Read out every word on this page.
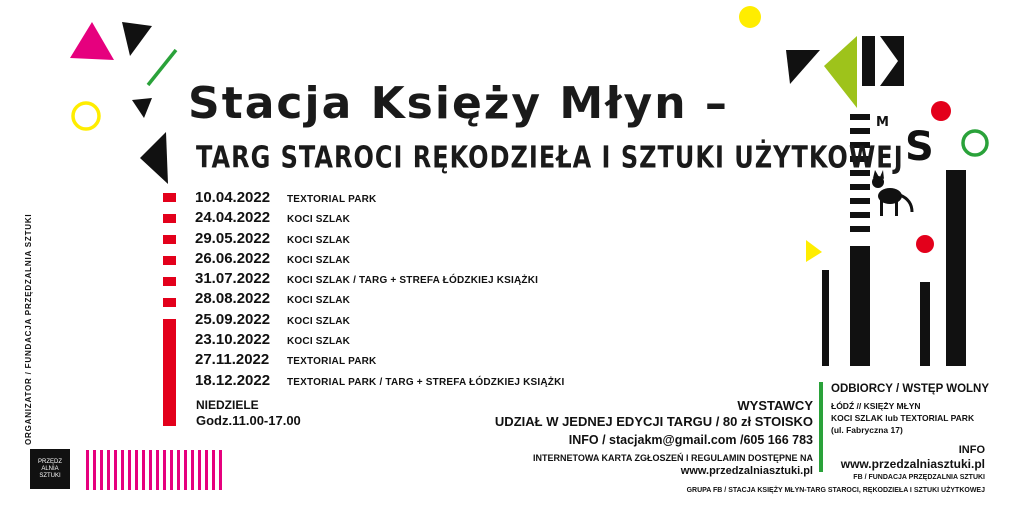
M
S
Stacja Księży Młyn –
TARG STAROCI RĘKODZIEŁA I SZTUKI UŻYTKOWEJ
10.04.2022	TEXTORIAL PARK
24.04.2022	KOCI SZLAK
29.05.2022	KOCI SZLAK
26.06.2022	KOCI SZLAK
31.07.2022	KOCI SZLAK / TARG + STREFA ŁÓDZKIEJ KSIĄŻKI
28.08.2022	KOCI SZLAK
25.09.2022	KOCI SZLAK
23.10.2022	KOCI SZLAK
27.11.2022	TEXTORIAL PARK
18.12.2022	TEXTORIAL PARK / TARG + STREFA ŁÓDZKIEJ KSIĄŻKI
NIEDZIELE
Godz.11.00-17.00
ORGANIZATOR / FUNDACJA PRZĘDZALNIA SZTUKI
PRZĘDZ
ALNIA
SZTUKI
WYSTAWCY
UDZIAŁ W JEDNEJ EDYCJI TARGU / 80 zł STOISKO
INFO / stacjakm@gmail.com /605 166 783
INTERNETOWA KARTA ZGŁOSZEŃ I REGULAMIN DOSTĘPNE NA
www.przedzalniasztuki.pl
ODBIORCY / WSTĘP WOLNY
ŁÓDŹ // KSIĘŻY MŁYN
KOCI SZLAK lub TEXTORIAL PARK
(ul. Fabryczna 17)
INFO
www.przedzalniasztuki.pl
FB / FUNDACJA PRZĘDZALNIA SZTUKI
GRUPA FB / STACJA KSIĘŻY MŁYN-TARG STAROCI, RĘKODZIEŁA I SZTUKI UŻYTKOWEJ
